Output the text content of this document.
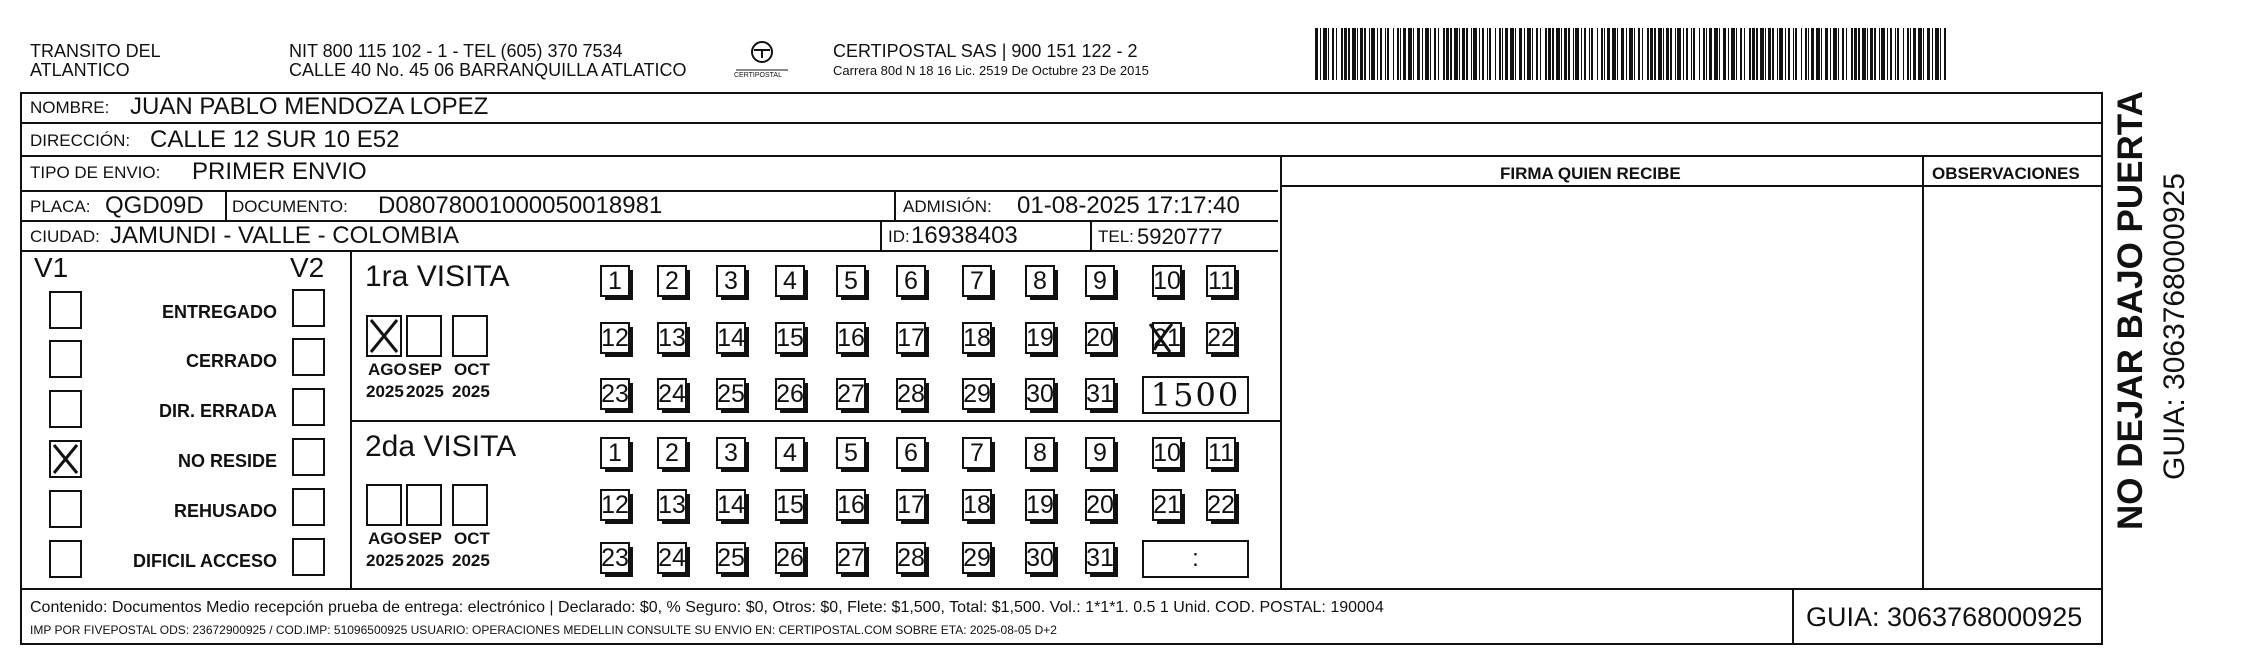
TRANSITO DEL
ATLANTICO
NIT 800 115 102 - 1 - TEL (605) 370 7534
CALLE 40 No. 45 06 BARRANQUILLA ATLATICO	CERTIPOSTAL
CERTIPOSTAL SAS | 900 151 122 - 2
Carrera 80d N 18 16 Lic. 2519 De Octubre 23 De 2015
NOMBRE: JUAN PABLO MENDOZA LOPEZ
DIRECCIÓN: CALLE 12 SUR 10 E52
TIPO DE ENVIO: PRIMER ENVIO
PLACA: QGD09D DOCUMENTO: D080780010000500189​81	ADMISIÓN: 01-08-2025 17:17:40
CIUDAD: JAMUNDI - VALLE - COLOMBIA	ID: 16938403	TEL: 5920777
FIRMA QUIEN RECIBE	OBSERVACIONES
V1	V2
ENTREGADO
CERRADO
DIR. ERRADA
NO RESIDE
REHUSADO
DIFICIL ACCESO
1ra VISITA
2da VISITA
AGO
2025
SEP
2025
OCT
2025
1	2	3	4	5	6	7	8	9	10 11
12 13 14 15 16 17 18 19 20 21 22
23 24 25 26 27 28 29 30 31 1500
AGO
2025
SEP
2025
OCT
2025
1	2	3	4	5	6	7	8	9	10 11
12 13 14 15 16 17 18 19 20 21 22
23 24 25 26 27 28 29 30 31	:
Contenido: Documentos Medio recepción prueba de entrega: electrónico | Declarado: $0, % Seguro: $0, Otros: $0, Flete: $1,500, Total: $1,500. Vol.: 1*1*1. 0.5 1 Unid. COD. POSTAL: 190004
IMP POR FIVEPOSTAL ODS: 23672900925 / COD.IMP: 51096500925 USUARIO: OPERACIONES MEDELLIN CONSULTE SU ENVIO EN: CERTIPOSTAL.COM SOBRE ETA: 2025-08-05 D+2	GUIA: 3063768000925
NO DEJAR BAJO PUERTA GUIA: 3063768000925
